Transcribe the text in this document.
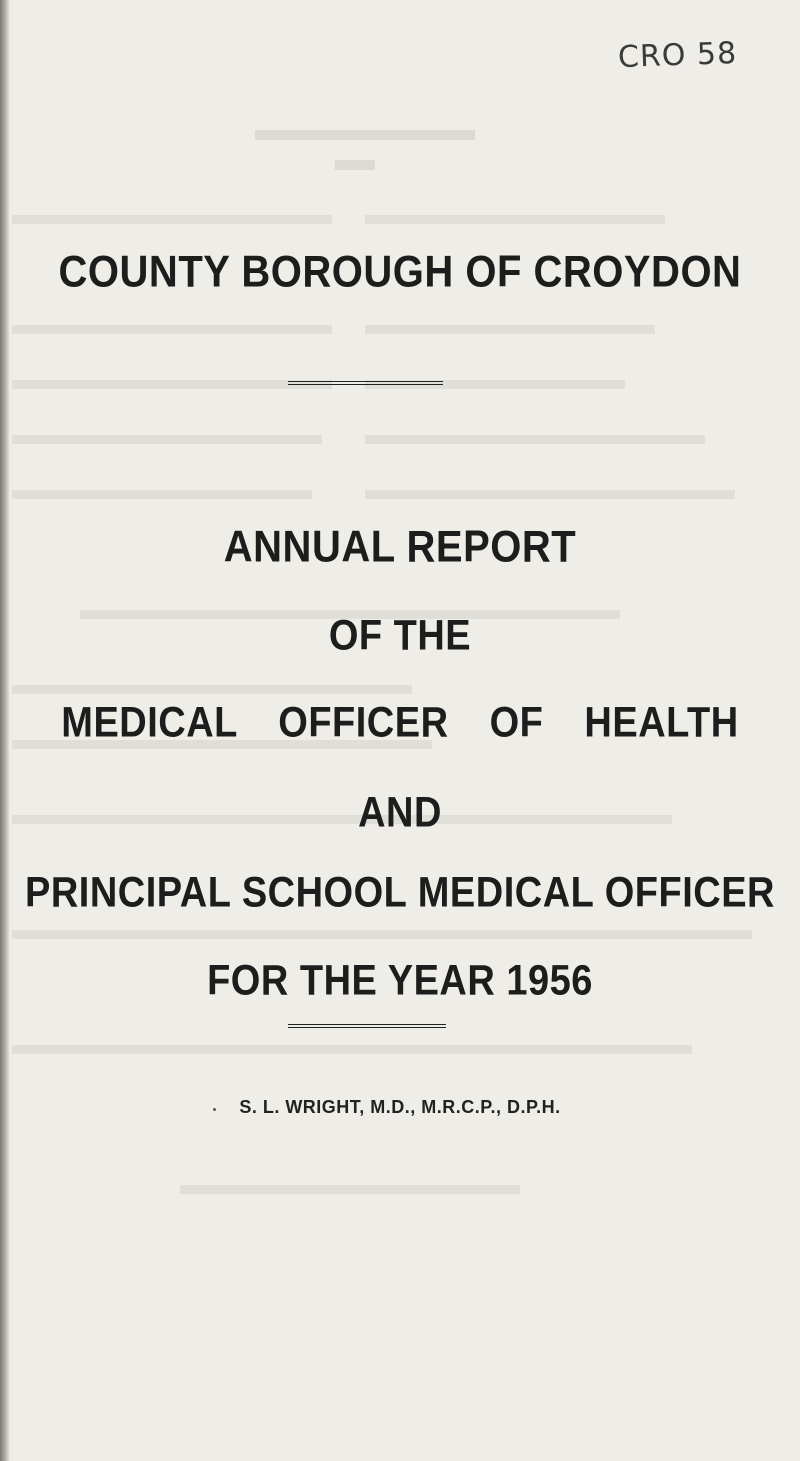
CRO 58
COUNTY BOROUGH OF CROYDON
ANNUAL REPORT
OF THE
MEDICAL OFFICER OF HEALTH
AND
PRINCIPAL SCHOOL MEDICAL OFFICER
FOR THE YEAR 1956
S. L. WRIGHT, M.D., M.R.C.P., D.P.H.
